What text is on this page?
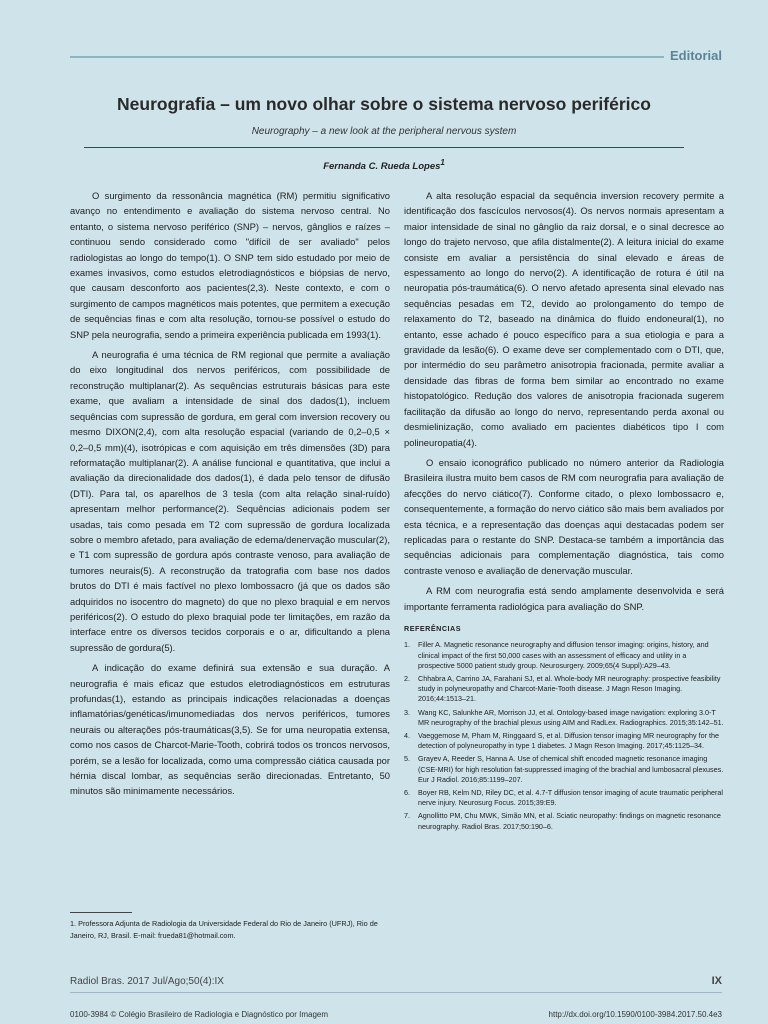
Editorial
Neurografia – um novo olhar sobre o sistema nervoso periférico
Neurography – a new look at the peripheral nervous system
Fernanda C. Rueda Lopes$^1$

O surgimento da ressonância magnética (RM) permitiu significativo avanço no entendimento e avaliação do sistema nervoso central. No entanto, o sistema nervoso periférico (SNP) – nervos, gânglios e raízes – continuou sendo considerado como "difícil de ser avaliado" pelos radiologistas ao longo do tempo(1). O SNP tem sido estudado por meio de exames invasivos, como estudos eletrodiagnósticos e biópsias de nervo, que causam desconforto aos pacientes(2,3). Neste contexto, e com o surgimento de campos magnéticos mais potentes, que permitem a execução de sequências finas e com alta resolução, tornou-se possível o estudo do SNP pela neurografia, sendo a primeira experiência publicada em 1993(1).

A neurografia é uma técnica de RM regional que permite a avaliação do eixo longitudinal dos nervos periféricos, com possibilidade de reconstrução multiplanar(2). As sequências estruturais básicas para este exame, que avaliam a intensidade de sinal dos dados(1), incluem sequências com supressão de gordura, em geral com inversion recovery ou mesmo DIXON(2,4), com alta resolução espacial (variando de 0,2–0,5 × 0,2–0,5 mm)(4), isotrópicas e com aquisição em três dimensões (3D) para reformatação multiplanar(2). A análise funcional e quantitativa, que inclui a avaliação da direcionalidade dos dados(1), é dada pelo tensor de difusão (DTI). Para tal, os aparelhos de 3 tesla (com alta relação sinal-ruído) apresentam melhor performance(2). Sequências adicionais podem ser usadas, tais como pesada em T2 com supressão de gordura localizada sobre o membro afetado, para avaliação de edema/denervação muscular(2), e T1 com supressão de gordura após contraste venoso, para avaliação de tumores neurais(5). A reconstrução da tratografia com base nos dados brutos do DTI é mais factível no plexo lombossacro (já que os dados são adquiridos no isocentro do magneto) do que no plexo braquial e em nervos periféricos(2). O estudo do plexo braquial pode ter limitações, em razão da interface entre os diversos tecidos corporais e o ar, dificultando a plena supressão de gordura(5).

A indicação do exame definirá sua extensão e sua duração. A neurografia é mais eficaz que estudos eletrodiagnósticos em estruturas profundas(1), estando as principais indicações relacionadas a doenças inflamatórias/genéticas/imunomediadas dos nervos periféricos, tumores neurais ou alterações pós-traumáticas(3,5). Se for uma neuropatia extensa, como nos casos de Charcot-Marie-Tooth, cobrirá todos os troncos nervosos, porém, se a lesão for localizada, como uma compressão ciática causada por hérnia discal lombar, as sequências serão direcionadas. Entretanto, 50 minutos são minimamente necessários.

A alta resolução espacial da sequência inversion recovery permite a identificação dos fascículos nervosos(4). Os nervos normais apresentam a maior intensidade de sinal no gânglio da raiz dorsal, e o sinal decresce ao longo do trajeto nervoso, que afila distalmente(2). A leitura inicial do exame consiste em avaliar a persistência do sinal elevado e áreas de espessamento ao longo do nervo(2). A identificação de rotura é útil na neuropatia pós-traumática(6). O nervo afetado apresenta sinal elevado nas sequências pesadas em T2, devido ao prolongamento do tempo de relaxamento do T2, baseado na dinâmica do fluido endoneural(1), no entanto, esse achado é pouco específico para a sua etiologia e para a gravidade da lesão(6). O exame deve ser complementado com o DTI, que, por intermédio do seu parâmetro anisotropia fracionada, permite avaliar a densidade das fibras de forma bem similar ao encontrado no exame histopatológico. Redução dos valores de anisotropia fracionada sugerem facilitação da difusão ao longo do nervo, representando perda axonal ou desmielinização, como avaliado em pacientes diabéticos tipo I com polineuropatia(4).

O ensaio iconográfico publicado no número anterior da Radiologia Brasileira ilustra muito bem casos de RM com neurografia para avaliação de afecções do nervo ciático(7). Conforme citado, o plexo lombossacro e, consequentemente, a formação do nervo ciático são mais bem avaliados por esta técnica, e a representação das doenças aqui destacadas podem ser replicadas para o restante do SNP. Destaca-se também a importância das sequências adicionais para complementação diagnóstica, tais como contraste venoso e avaliação de denervação muscular.

A RM com neurografia está sendo amplamente desenvolvida e será importante ferramenta radiológica para avaliação do SNP.

REFERÊNCIAS
1. Filler A. Magnetic resonance neurography and diffusion tensor imaging: origins, history, and clinical impact of the first 50,000 cases with an assessment of efficacy and utility in a prospective 5000 patient study group. Neurosurgery. 2009;65(4 Suppl):A29–43.
2. Chhabra A, Carrino JA, Farahani SJ, et al. Whole-body MR neurography: prospective feasibility study in polyneuropathy and Charcot-Marie-Tooth disease. J Magn Reson Imaging. 2016;44:1513–21.
3. Wang KC, Salunkhe AR, Morrison JJ, et al. Ontology-based image navigation: exploring 3.0-T MR neurography of the brachial plexus using AIM and RadLex. Radiographics. 2015;35:142–51.
4. Vaeggemose M, Pham M, Ringgaard S, et al. Diffusion tensor imaging MR neurography for the detection of polyneuropathy in type 1 diabetes. J Magn Reson Imaging. 2017;45:1125–34.
5. Grayev A, Reeder S, Hanna A. Use of chemical shift encoded magnetic resonance imaging (CSE-MRI) for high resolution fat-suppressed imaging of the brachial and lumbosacral plexuses. Eur J Radiol. 2016;85:1199–207.
6. Boyer RB, Kelm ND, Riley DC, et al. 4.7-T diffusion tensor imaging of acute traumatic peripheral nerve injury. Neurosurg Focus. 2015;39:E9.
7. Agnollitto PM, Chu MWK, Simão MN, et al. Sciatic neuropathy: findings on magnetic resonance neurography. Radiol Bras. 2017;50:190–6.
1. Professora Adjunta de Radiologia da Universidade Federal do Rio de Janeiro (UFRJ), Rio de Janeiro, RJ, Brasil. E-mail: frueda81@hotmail.com.
Radiol Bras. 2017 Jul/Ago;50(4):IX	IX
0100-3984 © Colégio Brasileiro de Radiologia e Diagnóstico por Imagem	http://dx.doi.org/10.1590/0100-3984.2017.50.4e3
